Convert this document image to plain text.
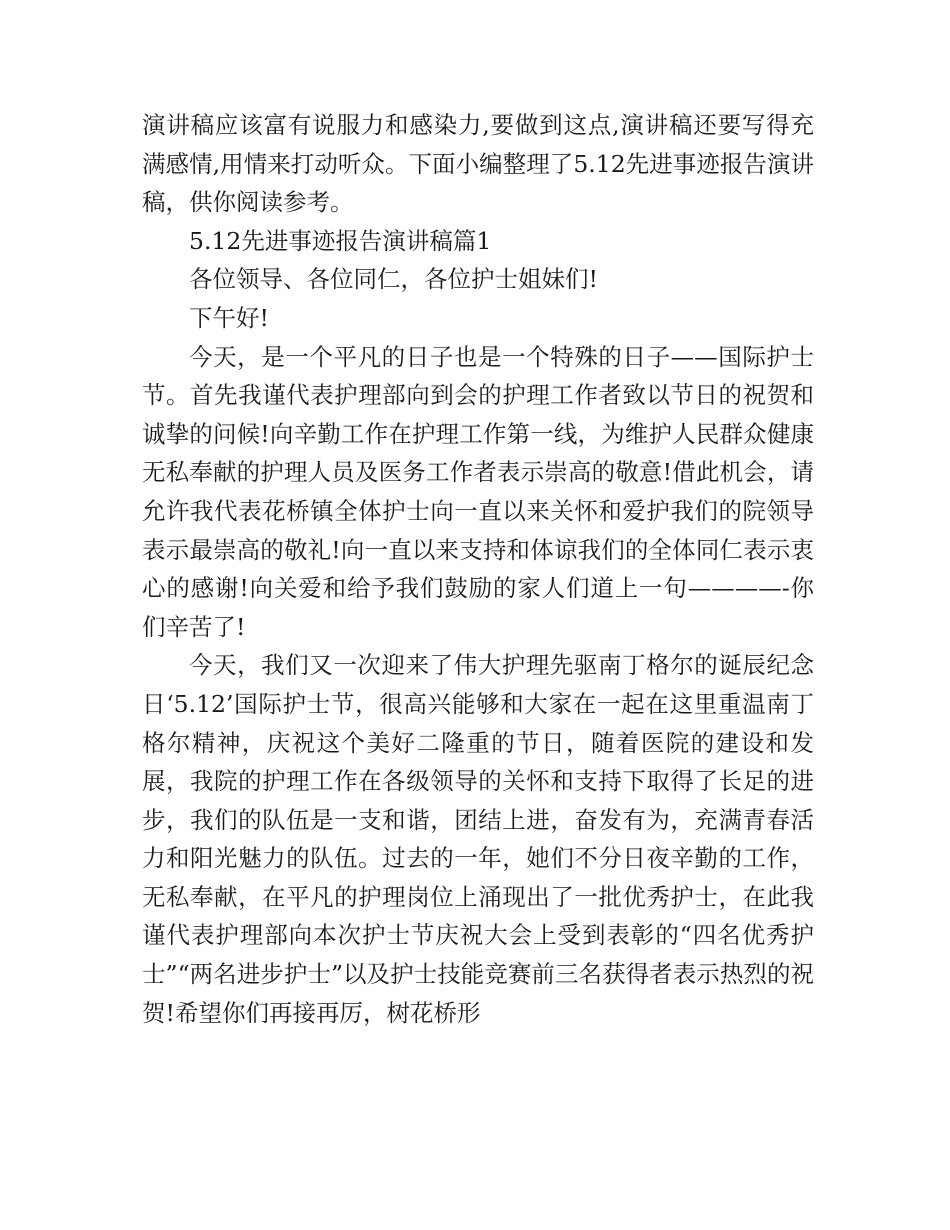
演讲稿应该富有说服力和感染力,要做到这点,演讲稿还要写得充满感情,用情来打动听众。下面小编整理了5.12先进事迹报告演讲稿，供你阅读参考。

5.12先进事迹报告演讲稿篇1

各位领导、各位同仁，各位护士姐妹们!

下午好!

今天，是一个平凡的日子也是一个特殊的日子——国际护士节。首先我谨代表护理部向到会的护理工作者致以节日的祝贺和诚挚的问候!向辛勤工作在护理工作第一线，为维护人民群众健康无私奉献的护理人员及医务工作者表示崇高的敬意!借此机会，请允许我代表花桥镇全体护士向一直以来关怀和爱护我们的院领导表示最崇高的敬礼!向一直以来支持和体谅我们的全体同仁表示衷心的感谢!向关爱和给予我们鼓励的家人们道上一句————-你们辛苦了!

今天，我们又一次迎来了伟大护理先驱南丁格尔的诞辰纪念日‘5.12’国际护士节，很高兴能够和大家在一起在这里重温南丁格尔精神，庆祝这个美好二隆重的节日，随着医院的建设和发展，我院的护理工作在各级领导的关怀和支持下取得了长足的进步，我们的队伍是一支和谐，团结上进，奋发有为，充满青春活力和阳光魅力的队伍。过去的一年，她们不分日夜辛勤的工作，无私奉献，在平凡的护理岗位上涌现出了一批优秀护士，在此我谨代表护理部向本次护士节庆祝大会上受到表彰的“四名优秀护士”“两名进步护士”以及护士技能竞赛前三名获得者表示热烈的祝贺!希望你们再接再厉，树花桥形
